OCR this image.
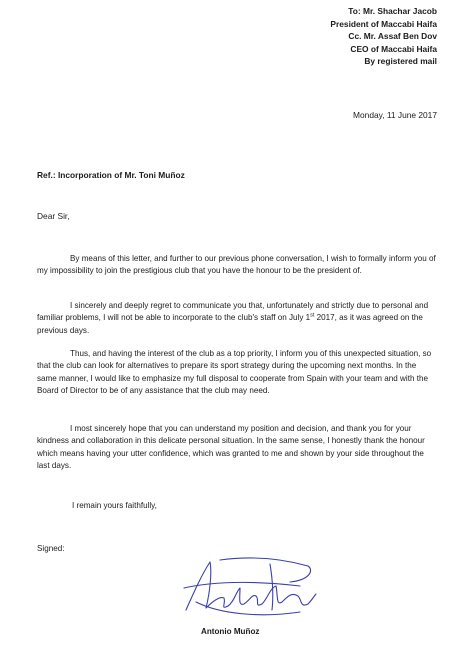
To: Mr. Shachar Jacob
President of Maccabi Haifa
Cc. Mr. Assaf Ben Dov
CEO of Maccabi Haifa
By registered mail
Monday, 11 June 2017
Ref.: Incorporation of Mr. Toni Muñoz
Dear Sir,

By means of this letter, and further to our previous phone conversation, I wish to formally inform you of my impossibility to join the prestigious club that you have the honour to be the president of.

I sincerely and deeply regret to communicate you that, unfortunately and strictly due to personal and familiar problems, I will not be able to incorporate to the club's staff on July 1st 2017, as it was agreed on the previous days.

Thus, and having the interest of the club as a top priority, I inform you of this unexpected situation, so that the club can look for alternatives to prepare its sport strategy during the upcoming next months. In the same manner, I would like to emphasize my full disposal to cooperate from Spain with your team and with the Board of Director to be of any assistance that the club may need.

I most sincerely hope that you can understand my position and decision, and thank you for your kindness and collaboration in this delicate personal situation. In the same sense, I honestly thank the honour which means having your utter confidence, which was granted to me and shown by your side throughout the last days.

I remain yours faithfully,
Signed:
Antonio Muñoz
